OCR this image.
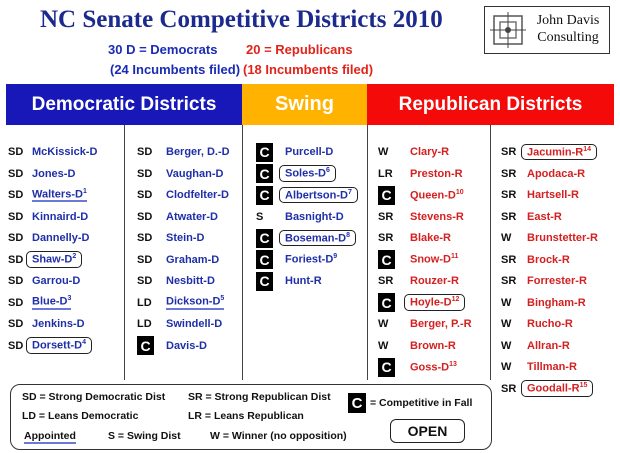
NC Senate Competitive Districts 2010
30 D = Democrats 20 = Republicans
(24 Incumbents filed) (18 Incumbents filed)
John Davis
Consulting
Democratic Districts	Swing	Republican Districts
SD McKissick-D
SD Jones-D
SD Walters-$D^1$
SD Kinnaird-D
SD Dannelly-D
SD Shaw-$D^2$
SD Garrou-D
SD Blue-$D^3$
SD Jenkins-D
SD Dorsett-$D^4$
SD	Berger, D.-D
SD	Vaughan-D
SD	Clodfelter-D
SD	Atwater-D
SD	Stein-D
SD	Graham-D
SD	Nesbitt-D
LD	Dickson-$D^5$
LD	Swindell-D
C	Davis-D
C	Purcell-D
C	Soles-$D^6$
C	Albertson-$D^7$
S	Basnight-D
C	Boseman-$D^8$
C	Foriest-$D^9$
C	Hunt-R
W	Clary-R
LR	Preston-R
C	Queen-$D^{10}$
SR	Stevens-R
SR	Blake-R
C	Snow-$D^{11}$
SR	Rouzer-R
C	Hoyle-$D^{12}$
W	Berger, P.-R
W	Brown-R
C	Goss-$D^{13}$
SR Jacumin-$R^{14}$
SR Apodaca-R
SR Hartsell-R
SR East-R
W	Brunstetter-R
SR Brock-R
SR Forrester-R
W	Bingham-R
W	Rucho-R
W	Allran-R
W	Tillman-R
SR Goodall-$R^{15}$
SD = Strong Democratic Dist SR = Strong Republican Dist
LD = Leans Democratic	LR = Leans Republican
C = Competitive in Fall
Appointed	S = Swing Dist	W = Winner (no opposition)	OPEN
